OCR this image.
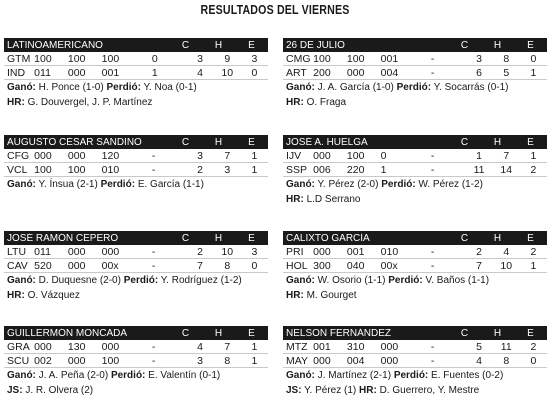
RESULTADOS DEL VIERNES
LATINOAMERICANO	C	H	E
GTM 100	100	100	0	3	9	3
IND 011	000	001	1	4	10	0
Ganó: H. Ponce (1-0) Perdió: Y. Noa (0-1)
HR: G. Douvergel, J. P. Martínez
26 DE JULIO	C	H	E
CMG 100	100	001	-	3	8	0
ART 200	000	004	-	6	5	1
Ganó: J. A. García (1-0) Perdió: Y. Socarrás (0-1)
HR: O. Fraga
AUGUSTO CÉSAR SANDINO	C	H	E
CFG 000	000	120	-	3	7	1
VCL 100	100	010	-	2	3	1
Ganó: Y. Ínsua (2-1) Perdió: E. García (1-1)
JOSÉ A. HUELGA	C	H	E
IJV	000	100	0	-	1	7	1
SSP 006	220	1	-	11	14	2
Ganó: Y. Pérez (2-0) Perdió: W. Pérez (1-2)
HR: L.D Serrano
JOSÉ RAMÓN CEPERO	C	H	E
LTU 011	000	000	-	2	10	3
CAV 520	000	00x	-	7	8	0
Ganó: D. Duquesne (2-0) Perdió: Y. Rodríguez (1-2)
HR: O. Vázquez
CALIXTO GARCÍA	C	H	E
PRI 000	001	010	-	2	4	2
HOL 300	040	00x	-	7	10	1
Ganó: W. Osorio (1-1) Perdió: V. Baños (1-1)
HR: M. Gourget
GUILLERMÓN MONCADA	C	H	E
GRA 000	130	000	-	4	7	1
SCU 002	000	100	-	3	8	1
Ganó: J. A. Peña (2-0) Perdió: E. Valentín (0-1)
JS: J. R. Olvera (2)
NELSON FERNÁNDEZ	C	H	E
MTZ 001	310	000	-	5	11	2
MAY 000	004	000	-	4	8	0
Ganó: J. Martínez (2-1) Perdió: E. Fuentes (0-2)
JS: Y. Pérez (1) HR: D. Guerrero, Y. Mestre
